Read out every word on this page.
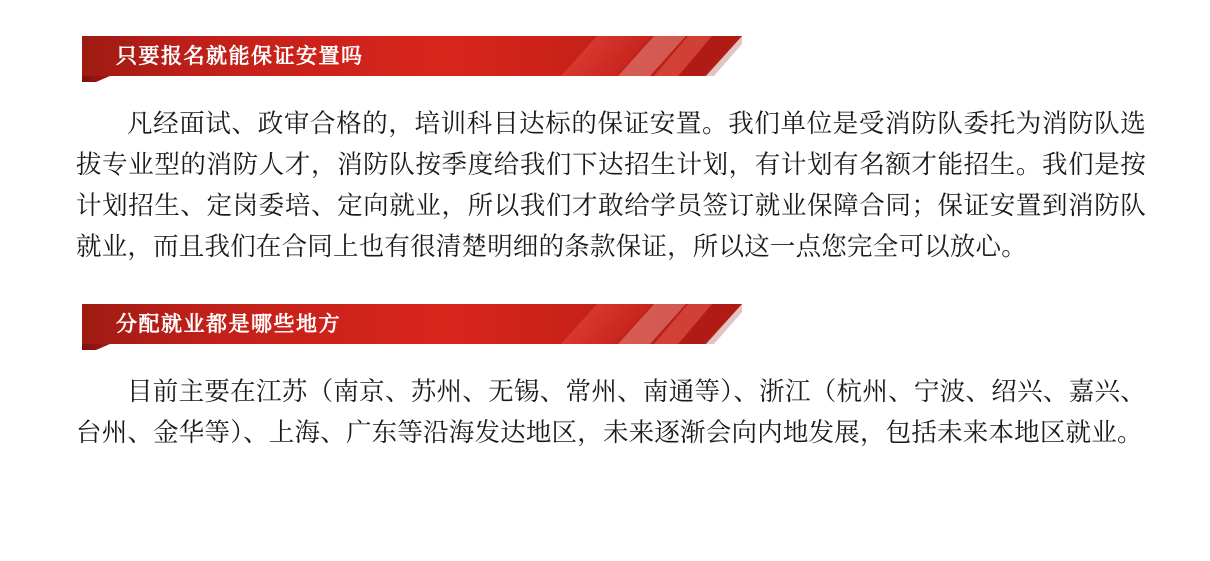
只要报名就能保证安置吗

凡经面试、政审合格的，培训科目达标的保证安置。我们单位是受消防队委托为消防队选拔专业型的消防人才，消防队按季度给我们下达招生计划，有计划有名额才能招生。我们是按计划招生、定岗委培、定向就业，所以我们才敢给学员签订就业保障合同；保证安置到消防队就业，而且我们在合同上也有很清楚明细的条款保证，所以这一点您完全可以放心。

分配就业都是哪些地方

目前主要在江苏（南京、苏州、无锡、常州、南通等）、浙江（杭州、宁波、绍兴、嘉兴、台州、金华等）、上海、广东等沿海发达地区，未来逐渐会向内地发展，包括未来本地区就业。
